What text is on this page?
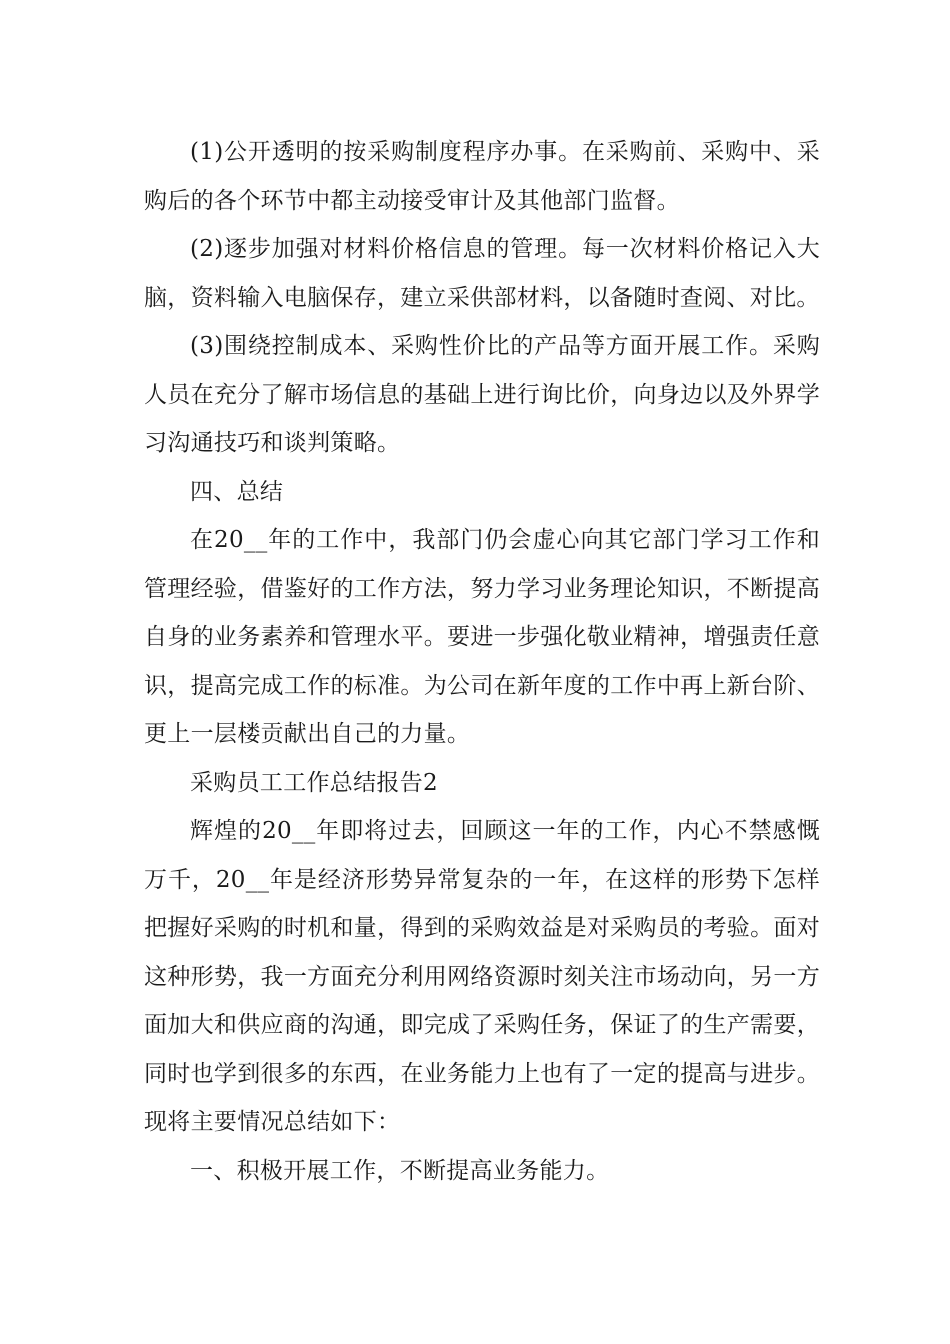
(1)公开透明的按采购制度程序办事。在采购前、采购中、采购后的各个环节中都主动接受审计及其他部门监督。

(2)逐步加强对材料价格信息的管理。每一次材料价格记入大脑，资料输入电脑保存，建立采供部材料，以备随时查阅、对比。

(3)围绕控制成本、采购性价比的产品等方面开展工作。采购人员在充分了解市场信息的基础上进行询比价，向身边以及外界学习沟通技巧和谈判策略。

四、总结

在20__年的工作中，我部门仍会虚心向其它部门学习工作和管理经验，借鉴好的工作方法，努力学习业务理论知识，不断提高自身的业务素养和管理水平。要进一步强化敬业精神，增强责任意识，提高完成工作的标准。为公司在新年度的工作中再上新台阶、更上一层楼贡献出自己的力量。

采购员工工作总结报告2

辉煌的20__年即将过去，回顾这一年的工作，内心不禁感慨万千，20__年是经济形势异常复杂的一年，在这样的形势下怎样把握好采购的时机和量，得到的采购效益是对采购员的考验。面对这种形势，我一方面充分利用网络资源时刻关注市场动向，另一方面加大和供应商的沟通，即完成了采购任务，保证了的生产需要，同时也学到很多的东西，在业务能力上也有了一定的提高与进步。现将主要情况总结如下：

一、积极开展工作，不断提高业务能力。
